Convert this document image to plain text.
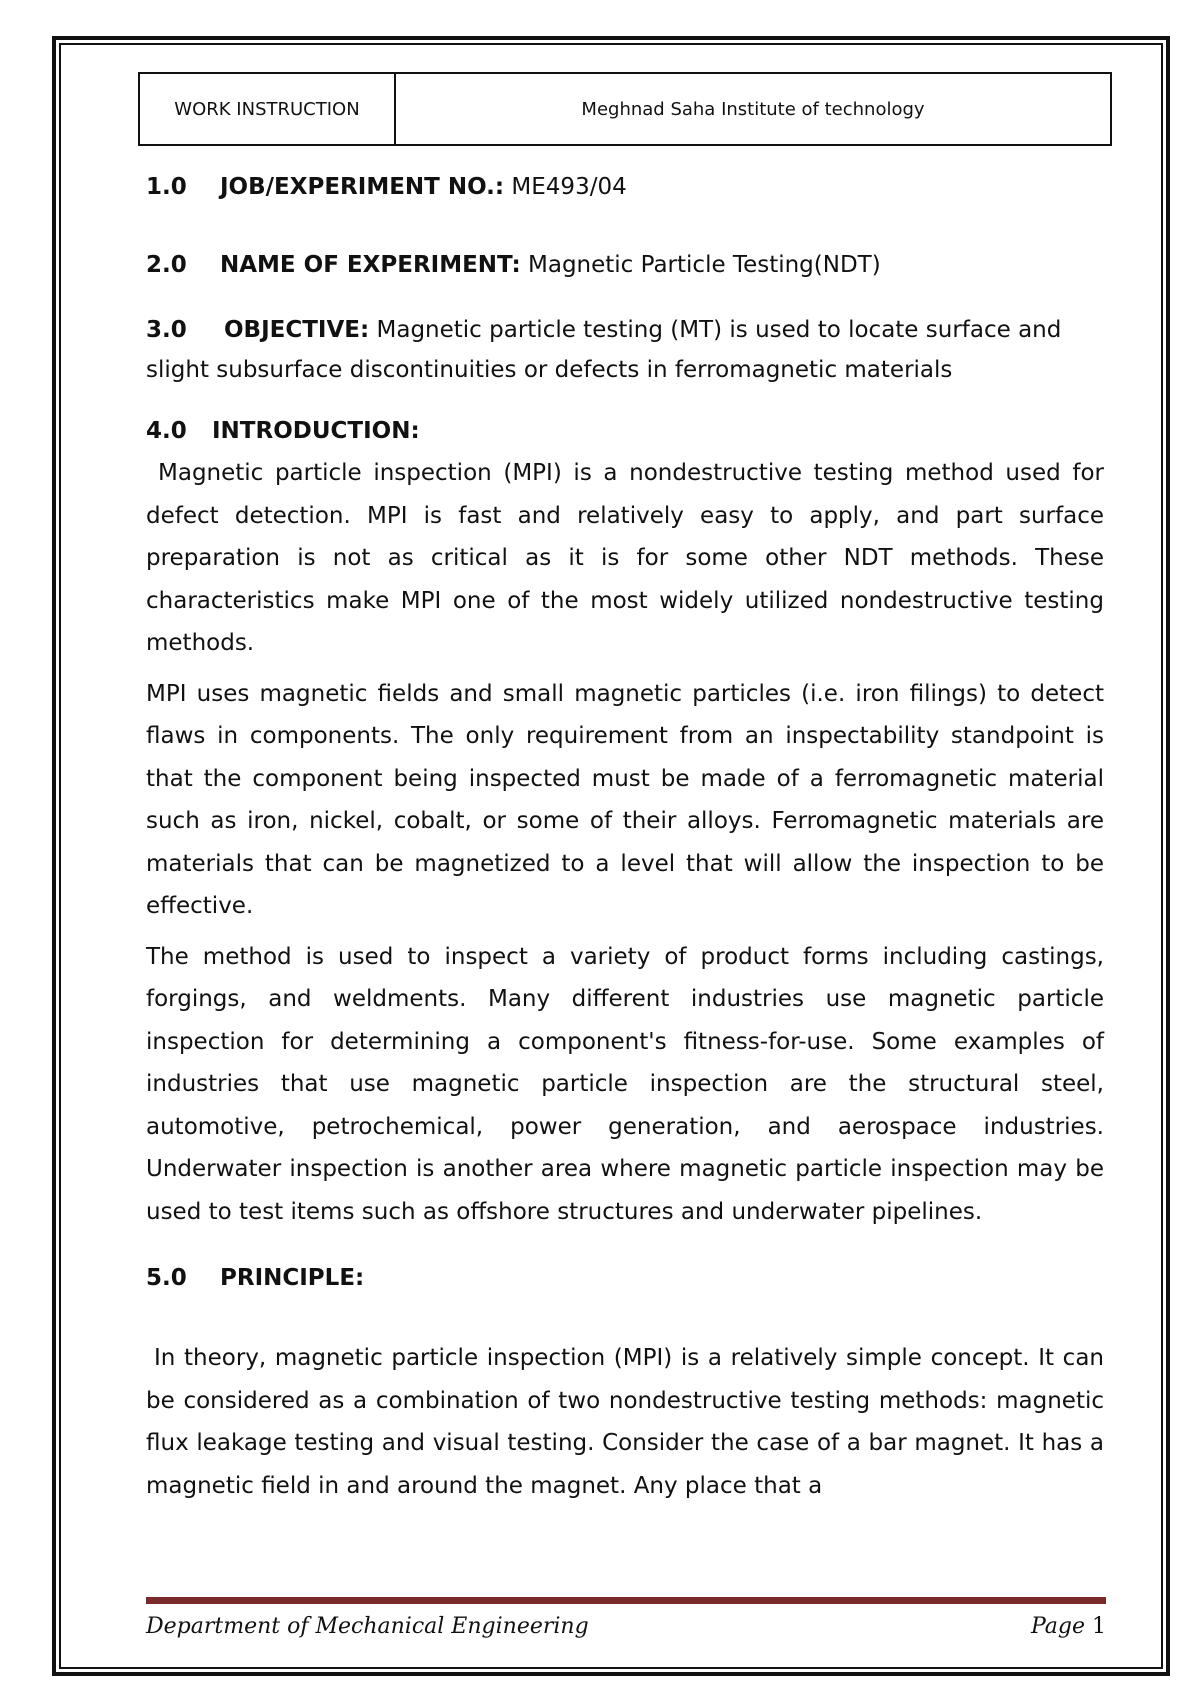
WORK INSTRUCTION	Meghnad Saha Institute of technology

1.0 JOB/EXPERIMENT NO.: ME493/04

2.0 NAME OF EXPERIMENT: Magnetic Particle Testing(NDT)

3.0 OBJECTIVE: Magnetic particle testing (MT) is used to locate surface and slight subsurface discontinuities or defects in ferromagnetic materials

4.0 INTRODUCTION:

Magnetic particle inspection (MPI) is a nondestructive testing method used for defect detection. MPI is fast and relatively easy to apply, and part surface preparation is not as critical as it is for some other NDT methods. These characteristics make MPI one of the most widely utilized nondestructive testing methods.

MPI uses magnetic fields and small magnetic particles (i.e. iron filings) to detect flaws in components. The only requirement from an inspectability standpoint is that the component being inspected must be made of a ferromagnetic material such as iron, nickel, cobalt, or some of their alloys. Ferromagnetic materials are materials that can be magnetized to a level that will allow the inspection to be effective.

The method is used to inspect a variety of product forms including castings, forgings, and weldments. Many different industries use magnetic particle inspection for determining a component's fitness-for-use. Some examples of industries that use magnetic particle inspection are the structural steel, automotive, petrochemical, power generation, and aerospace industries. Underwater inspection is another area where magnetic particle inspection may be used to test items such as offshore structures and underwater pipelines.

5.0 PRINCIPLE:

In theory, magnetic particle inspection (MPI) is a relatively simple concept. It can be considered as a combination of two nondestructive testing methods: magnetic flux leakage testing and visual testing. Consider the case of a bar magnet. It has a magnetic field in and around the magnet. Any place that a

Department of Mechanical Engineering	Page 1
